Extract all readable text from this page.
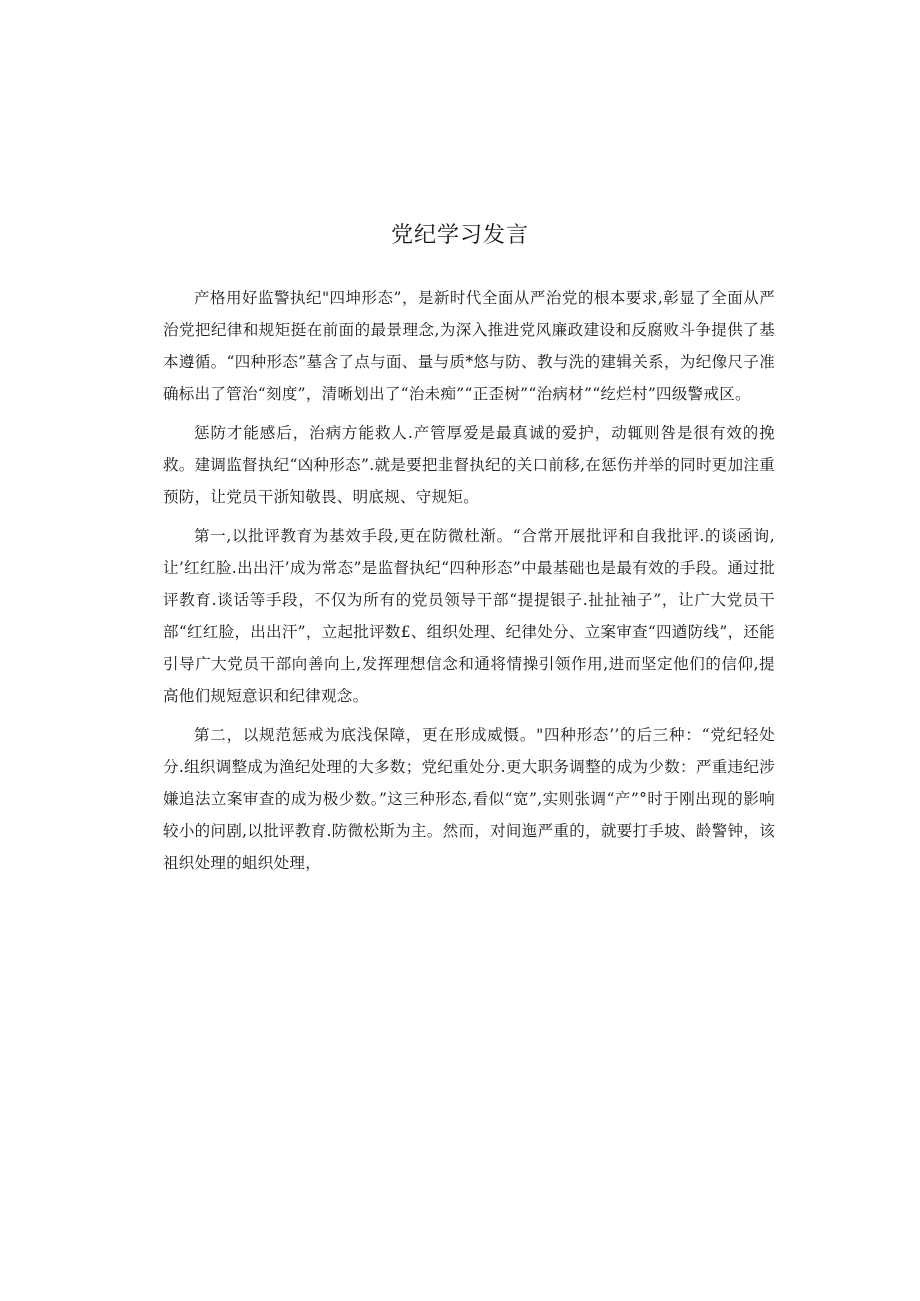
党纪学习发言

产格用好监警执纪"四坤形态”，是新时代全面从严治党的根本要求,彰显了全面从严治党把纪律和规矩挺在前面的最景理念,为深入推进党风廉政建设和反腐败斗争提供了基本遵循。“四种形态”墓含了点与面、量与质*悠与防、教与洗的建辑关系，为纪像尺子准确标出了管治“刻度”，清晰划出了“治未痴”“正歪树”“治病材”“纥烂村”四级警戒区。

惩防才能感后，治病方能救人.产管厚爱是最真诚的爱护，动辄则咎是很有效的挽救。建调监督执纪“凶种形态”.就是要把韭督执纪的关口前移,在惩伤并举的同时更加注重预防，让党员干浙知敬畏、明底规、守规矩。

第一,以批评教育为基效手段,更在防微杜渐。“合常开展批评和自我批评.的谈函询,让’红红脸.出出汗’成为常态”是监督执纪“四种形态”中最基础也是最有效的手段。通过批评教育.谈话等手段，不仅为所有的党员领导干部“提提银子.扯扯袖子”，让广大党员干部“红红脸，出出汗”，立起批评数£、组织处理、纪律处分、立案审查“四遒防线”，还能引导广大党员干部向善向上,发挥理想信念和通将情操引领作用,进而坚定他们的信仰,提高他们规短意识和纪律观念。

第二，以规范惩戒为底浅保障，更在形成威慑。"四种形态’’的后三种：“党纪轻处分.组织调整成为渔纪处理的大多数；党纪重处分.更大职务调整的成为少数：严重违纪涉嫌追法立案审查的成为极少数。”这三种形态,看似“宽”,实则张调“产”°时于刚出现的影响较小的问剧,以批评教育.防微松斯为主。然而，对间迤严重的，就要打手坡、龄警钟，该祖织处理的蛆织处理，
